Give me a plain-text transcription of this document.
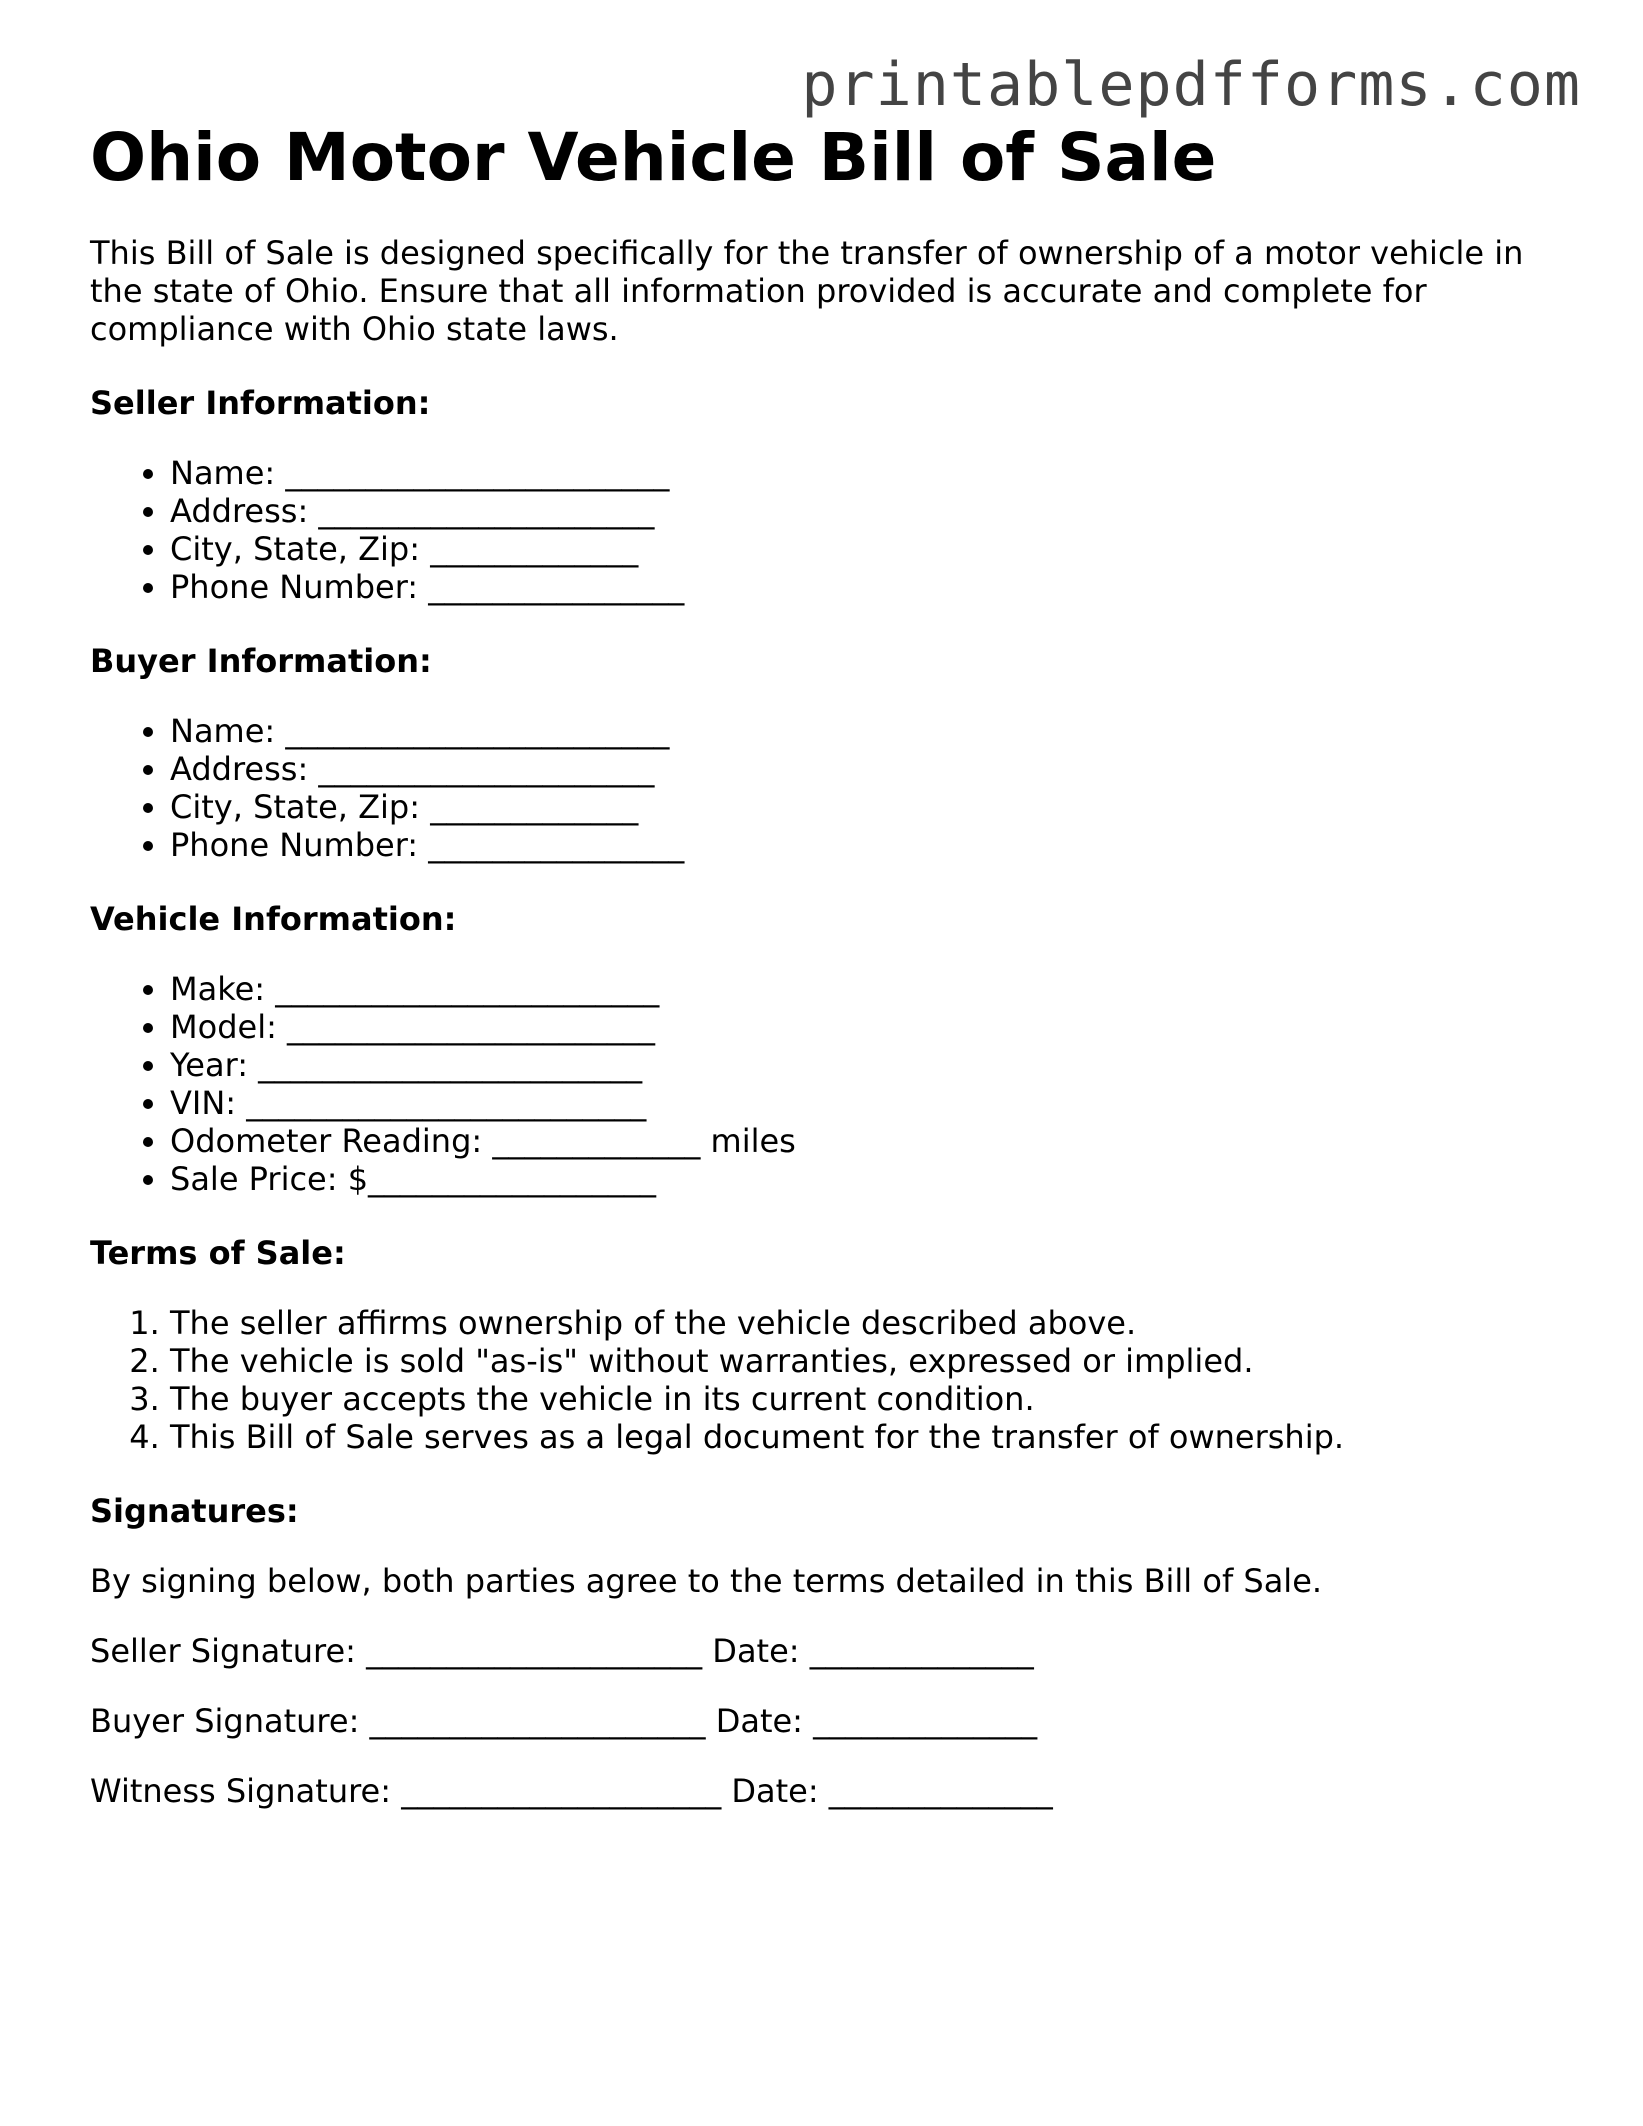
printablepdfforms.com
Ohio Motor Vehicle Bill of Sale

This Bill of Sale is designed specifically for the transfer of ownership of a motor vehicle in the state of Ohio. Ensure that all information provided is accurate and complete for compliance with Ohio state laws.

Seller Information:
• Name: ________________________
• Address: _____________________
• City, State, Zip: _____________
• Phone Number: ________________
Buyer Information:
• Name: ________________________
• Address: _____________________
• City, State, Zip: _____________
• Phone Number: ________________
Vehicle Information:
• Make: ________________________
• Model: _______________________
• Year: ________________________
• VIN: _________________________
• Odometer Reading: _____________ miles
• Sale Price: $__________________
Terms of Sale:
1. The seller affirms ownership of the vehicle described above.
2. The vehicle is sold "as-is" without warranties, expressed or implied.
3. The buyer accepts the vehicle in its current condition.
4. This Bill of Sale serves as a legal document for the transfer of ownership.
Signatures:

By signing below, both parties agree to the terms detailed in this Bill of Sale.

Seller Signature: _____________________ Date: ______________

Buyer Signature: _____________________ Date: ______________

Witness Signature: ____________________ Date: ______________
